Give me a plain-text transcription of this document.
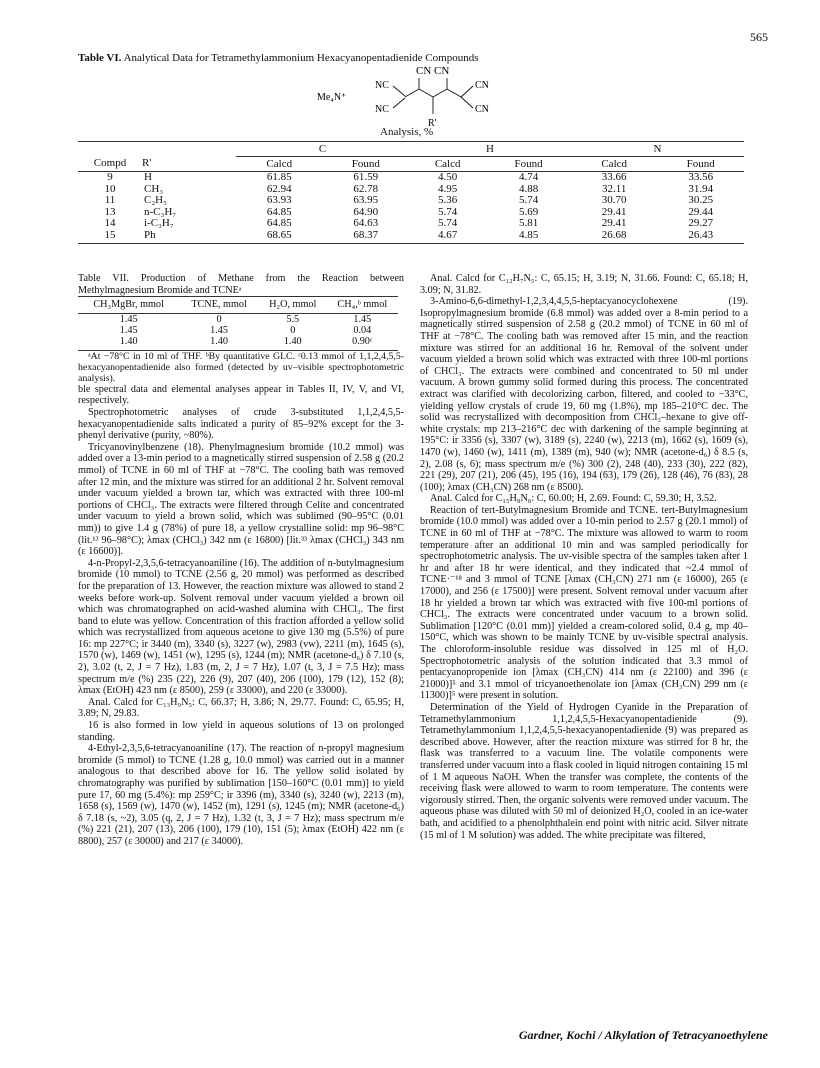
565
Table VI. Analytical Data for Tetramethylammonium Hexacyanopentadienide Compounds
CN CN
Me₄N⁺
NC	CN
NC	CN
R'
Analysis, %
		C		H		N	
Compd	R'	Calcd	Found	Calcd	Found	Calcd	Found
9	H	61.85	61.59	4.50	4.74	33.66	33.56
10	CH₃	62.94	62.78	4.95	4.88	32.11	31.94
11	C₂H₅	63.93	63.95	5.36	5.74	30.70	30.25
13	n-C₃H₇	64.85	64.90	5.74	5.69	29.41	29.44
14	i-C₃H₇	64.85	64.63	5.74	5.81	29.41	29.27
15	Ph	68.65	68.37	4.67	4.85	26.68	26.43

Table VII. Production of Methane from the Reaction between Methylmagnesium Bromide and TCNEᵃ

CH₃MgBr, mmol	TCNE, mmol	H₂O, mmol	CH₄,ᵇ mmol
1.45	0	5.5	1.45
1.45	1.45	0	0.04
1.40	1.40	1.40	0.90ᶜ

ᵃAt −78°C in 10 ml of THF. ᵇBy quantitative GLC. ᶜ0.13 mmol of 1,1,2,4,5,5-hexacyanopentadienide also formed (detected by uv–visible spectrophotometric analysis).

ble spectral data and elemental analyses appear in Tables II, IV, V, and VI, respectively.

Spectrophotometric analyses of crude 3-substituted 1,1,2,4,5,5-hexacyanopentadienide salts indicated a purity of 85–92% except for the 3-phenyl derivative (purity, ~80%).

Tricyanovinylbenzene (18). Phenylmagnesium bromide (10.2 mmol) was added over a 13-min period to a magnetically stirred suspension of 2.58 g (20.2 mmol) of TCNE in 60 ml of THF at −78°C. The cooling bath was removed after 12 min, and the mixture was stirred for an additional 2 hr. Solvent removal under vacuum yielded a brown tar, which was extracted with three 100-ml portions of CHCl₃. The extracts were filtered through Celite and concentrated under vacuum to yield a brown solid, which was sublimed (90–95°C (0.01 mm)) to give 1.4 g (78%) of pure 18, a yellow crystalline solid: mp 96–98°C (lit.¹³ 96–98°C); λmax (CHCl₃) 342 nm (ε 16800) [lit.³³ λmax (CHCl₃) 343 nm (ε 16600)].

4-n-Propyl-2,3,5,6-tetracyanoaniline (16). The addition of n-butylmagnesium bromide (10 mmol) to TCNE (2.56 g, 20 mmol) was performed as described for the preparation of 13. However, the reaction mixture was allowed to stand 2 weeks before work-up. Solvent removal under vacuum yielded a brown oil which was chromatographed on acid-washed alumina with CHCl₃. The first band to elute was yellow. Concentration of this fraction afforded a yellow solid which was recrystallized from aqueous acetone to give 130 mg (5.5%) of pure 16: mp 227°C; ir 3440 (m), 3340 (s), 3227 (w), 2983 (vw), 2211 (m), 1645 (s), 1570 (w), 1469 (w), 1451 (w), 1295 (s), 1244 (m); NMR (acetone-d₆) δ 7.10 (s, 2), 3.02 (t, 2, J = 7 Hz), 1.83 (m, 2, J = 7 Hz), 1.07 (t, 3, J = 7.5 Hz); mass spectrum m/e (%) 235 (22), 226 (9), 207 (40), 206 (100), 179 (12), 152 (8); λmax (EtOH) 423 nm (ε 8500), 259 (ε 33000), and 220 (ε 33000).

Anal. Calcd for C₁₃H₉N₅: C, 66.37; H, 3.86; N, 29.77. Found: C, 65.95; H, 3.89; N, 29.83.

16 is also formed in low yield in aqueous solutions of 13 on prolonged standing.

4-Ethyl-2,3,5,6-tetracyanoaniline (17). The reaction of n-propyl magnesium bromide (5 mmol) to TCNE (1.28 g, 10.0 mmol) was carried out in a manner analogous to that described above for 16. The yellow solid isolated by chromatography was purified by sublimation [150–160°C (0.01 mm)] to yield pure 17, 60 mg (5.4%): mp 259°C; ir 3396 (m), 3340 (s), 3240 (w), 2213 (m), 1658 (s), 1569 (w), 1470 (w), 1452 (m), 1291 (s), 1245 (m); NMR (acetone-d₆) δ 7.18 (s, ~2), 3.05 (q, 2, J = 7 Hz), 1.32 (t, 3, J = 7 Hz); mass spectrum m/e (%) 221 (21), 207 (13), 206 (100), 179 (10), 151 (5); λmax (EtOH) 422 nm (ε 8800), 257 (ε 30000) and 217 (ε 34000).

Anal. Calcd for C₁₂H₇N₅: C, 65.15; H, 3.19; N, 31.66. Found: C, 65.18; H, 3.09; N, 31.82.

3-Amino-6,6-dimethyl-1,2,3,4,4,5,5-heptacyanocyclohexene (19). Isopropylmagnesium bromide (6.8 mmol) was added over a 8-min period to a magnetically stirred suspension of 2.58 g (20.2 mmol) of TCNE in 60 ml of THF at −78°C. The cooling bath was removed after 15 min, and the reaction mixture was stirred for an additional 16 hr. Removal of the solvent under vacuum yielded a brown solid which was extracted with three 100-ml portions of CHCl₃. The extracts were combined and concentrated to 50 ml under vacuum. A brown gummy solid formed during this process. The concentrated extract was clarified with decolorizing carbon, filtered, and cooled to −33°C, yielding yellow crystals of crude 19, 60 mg (1.8%), mp 185–210°C dec. The solid was recrystallized with decomposition from CHCl₃–hexane to give off-white crystals: mp 213–216°C dec with darkening of the sample beginning at 195°C: ir 3356 (s), 3307 (w), 3189 (s), 2240 (w), 2213 (m), 1662 (s), 1609 (s), 1470 (w), 1460 (w), 1411 (m), 1389 (m), 940 (w); NMR (acetone-d₆) δ 8.5 (s, 2), 2.08 (s, 6); mass spectrum m/e (%) 300 (2), 248 (40), 233 (30), 222 (82), 221 (29), 207 (21), 206 (45), 195 (16), 194 (63), 179 (26), 128 (46), 76 (83), 28 (100); λmax (CH₃CN) 268 nm (ε 8500).

Anal. Calcd for C₁₅H₈N₈: C, 60.00; H, 2.69. Found: C, 59.30; H, 3.52.

Reaction of tert-Butylmagnesium Bromide and TCNE. tert-Butylmagnesium bromide (10.0 mmol) was added over a 10-min period to 2.57 g (20.1 mmol) of TCNE in 60 ml of THF at −78°C. The mixture was allowed to warm to room temperature after an additional 10 min and was sampled periodically for spectrophotometric analysis. The uv-visible spectra of the samples taken after 1 hr and after 18 hr were identical, and they indicated that ~2.4 mmol of TCNE·⁻¹⁸ and 3 mmol of TCNE [λmax (CH₃CN) 271 nm (ε 16000), 265 (ε 17000), and 256 (ε 17500)] were present. Solvent removal under vacuum after 18 hr yielded a brown tar which was extracted with five 100-ml portions of CHCl₃. The extracts were concentrated under vacuum to a brown solid. Sublimation [120°C (0.01 mm)] yielded a cream-colored solid, 0.4 g, mp 40–150°C, which was shown to be mainly TCNE by uv-visible spectral analysis. The chloroform-insoluble residue was dissolved in 125 ml of H₂O. Spectrophotometric analysis of the solution indicated that 3.3 mmol of pentacyanopropenide ion [λmax (CH₃CN) 414 nm (ε 22100) and 396 (ε 21000)]⁵ and 3.1 mmol of tricyanoethenolate ion [λmax (CH₃CN) 299 nm (ε 11300)]⁵ were present in solution.

Determination of the Yield of Hydrogen Cyanide in the Preparation of Tetramethylammonium 1,1,2,4,5,5-Hexacyanopentadienide (9). Tetramethylammonium 1,1,2,4,5,5-hexacyanopentadienide (9) was prepared as described above. However, after the reaction mixture was stirred for 8 hr, the flask was transferred to a vacuum line. The volatile components were transferred under vacuum into a flask cooled in liquid nitrogen containing 15 ml of 1 M aqueous NaOH. When the transfer was complete, the contents of the receiving flask were allowed to warm to room temperature. The contents were vigorously stirred. Then, the organic solvents were removed under vacuum. The aqueous phase was diluted with 50 ml of deionized H₂O, cooled in an ice-water bath, and acidified to a phenolphthalein end point with nitric acid. Silver nitrate (15 ml of 1 M solution) was added. The white precipitate was filtered,

Gardner, Kochi / Alkylation of Tetracyanoethylene
